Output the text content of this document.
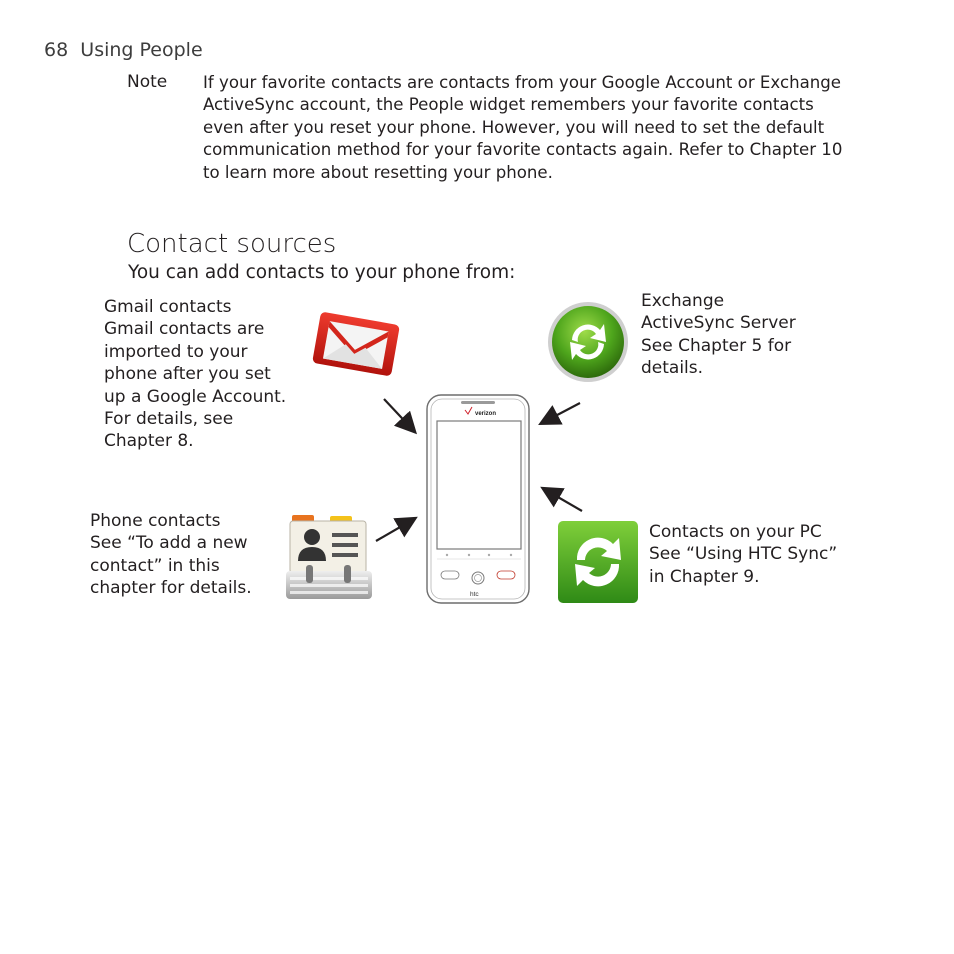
68 Using People
Note If your favorite contacts are contacts from your Google Account or Exchange ActiveSync account, the People widget remembers your favorite contacts even after you reset your phone. However, you will need to set the default communication method for your favorite contacts again. Refer to Chapter 10 to learn more about resetting your phone.
Contact sources
You can add contacts to your phone from:
Gmail contacts
Gmail contacts are
imported to your
phone after you set
up a Google Account.
For details, see
Chapter 8.
Exchange
ActiveSync Server
See Chapter 5 for
details.
Phone contacts
See “To add a new
contact” in this
chapter for details.
Contacts on your PC
See “Using HTC Sync”
in Chapter 9.
verizon
htc
